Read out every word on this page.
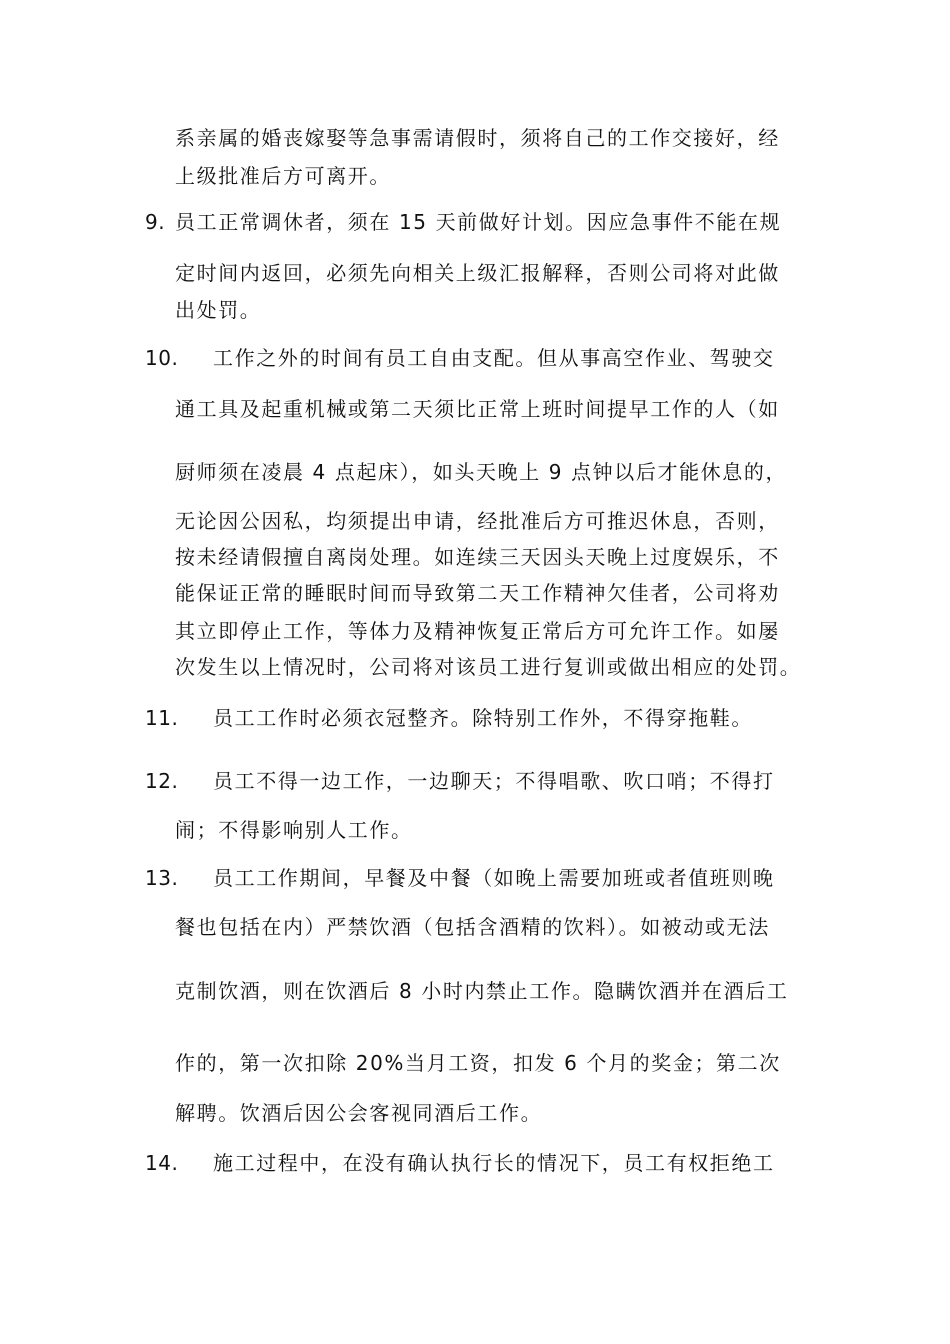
系亲属的婚丧嫁娶等急事需请假时，须将自己的工作交接好，经
上级批准后方可离开。
9. 员工正常调休者，须在 15 天前做好计划。因应急事件不能在规
定时间内返回，必须先向相关上级汇报解释，否则公司将对此做
出处罚。
10. 工作之外的时间有员工自由支配。但从事高空作业、驾驶交
通工具及起重机械或第二天须比正常上班时间提早工作的人（如
厨师须在凌晨 4 点起床），如头天晚上 9 点钟以后才能休息的，
无论因公因私，均须提出申请，经批准后方可推迟休息，否则，
按未经请假擅自离岗处理。如连续三天因头天晚上过度娱乐，不
能保证正常的睡眠时间而导致第二天工作精神欠佳者，公司将劝
其立即停止工作，等体力及精神恢复正常后方可允许工作。如屡
次发生以上情况时，公司将对该员工进行复训或做出相应的处罚。
11. 员工工作时必须衣冠整齐。除特别工作外，不得穿拖鞋。
12. 员工不得一边工作，一边聊天；不得唱歌、吹口哨；不得打
闹；不得影响别人工作。
13. 员工工作期间，早餐及中餐（如晚上需要加班或者值班则晚
餐也包括在内）严禁饮酒（包括含酒精的饮料）。如被动或无法
克制饮酒，则在饮酒后 8 小时内禁止工作。隐瞒饮酒并在酒后工
作的，第一次扣除 20%当月工资，扣发 6 个月的奖金；第二次
解聘。饮酒后因公会客视同酒后工作。
14. 施工过程中，在没有确认执行长的情况下，员工有权拒绝工
